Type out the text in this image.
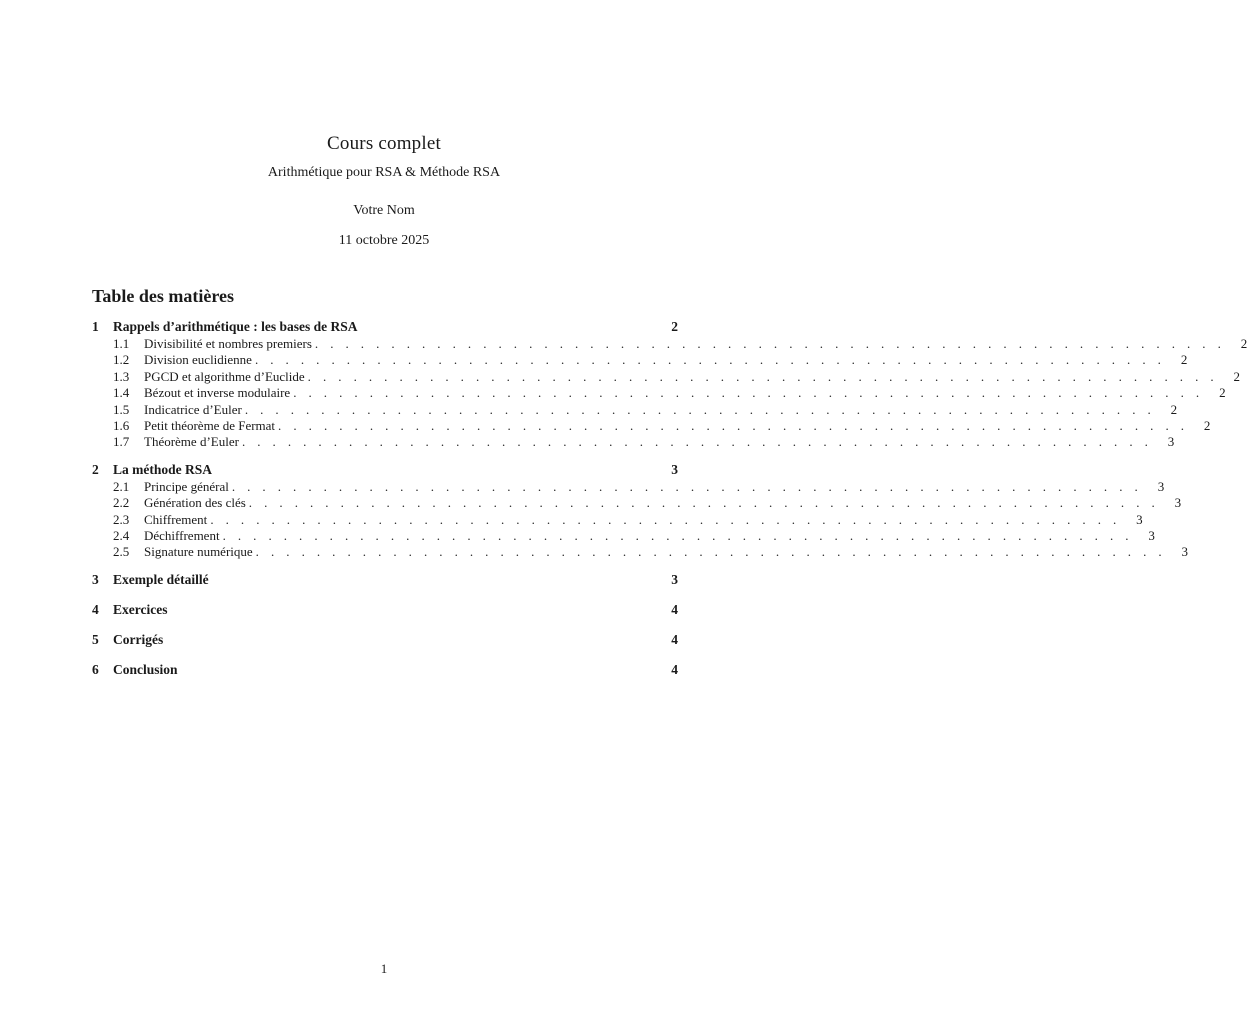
Cours complet
Arithmétique pour RSA & Méthode RSA
Votre Nom
11 octobre 2025
Table des matières
1 Rappels d’arithmétique : les bases de RSA	2
1.1	Divisibilité et nombres premiers . . . . . . . . . . . . . . . . . . . . . . . . . . . . . . . . . . . . . . . . . . . . . . . . . . . . . . . . . . . .	2
1.2	Division euclidienne . . . . . . . . . . . . . . . . . . . . . . . . . . . . . . . . . . . . . . . . . . . . . . . . . . . . . . . . . . . .	2
1.3	PGCD et algorithme d’Euclide . . . . . . . . . . . . . . . . . . . . . . . . . . . . . . . . . . . . . . . . . . . . . . . . . . . . . . . . . . . .	2
1.4	Bézout et inverse modulaire . . . . . . . . . . . . . . . . . . . . . . . . . . . . . . . . . . . . . . . . . . . . . . . . . . . . . . . . . . . .	2
1.5	Indicatrice d’Euler . . . . . . . . . . . . . . . . . . . . . . . . . . . . . . . . . . . . . . . . . . . . . . . . . . . . . . . . . . . .	2
1.6	Petit théorème de Fermat . . . . . . . . . . . . . . . . . . . . . . . . . . . . . . . . . . . . . . . . . . . . . . . . . . . . . . . . . . . .	2
1.7	Théorème d’Euler . . . . . . . . . . . . . . . . . . . . . . . . . . . . . . . . . . . . . . . . . . . . . . . . . . . . . . . . . . . .	3
2 La méthode RSA	3
2.1	Principe général . . . . . . . . . . . . . . . . . . . . . . . . . . . . . . . . . . . . . . . . . . . . . . . . . . . . . . . . . . . .	3
2.2	Génération des clés . . . . . . . . . . . . . . . . . . . . . . . . . . . . . . . . . . . . . . . . . . . . . . . . . . . . . . . . . . . .	3
2.3	Chiffrement . . . . . . . . . . . . . . . . . . . . . . . . . . . . . . . . . . . . . . . . . . . . . . . . . . . . . . . . . . . .	3
2.4	Déchiffrement . . . . . . . . . . . . . . . . . . . . . . . . . . . . . . . . . . . . . . . . . . . . . . . . . . . . . . . . . . . .	3
2.5	Signature numérique . . . . . . . . . . . . . . . . . . . . . . . . . . . . . . . . . . . . . . . . . . . . . . . . . . . . . . . . . . . .	3
3 Exemple détaillé	3
4 Exercices	4
5 Corrigés	4
6 Conclusion	4
1
